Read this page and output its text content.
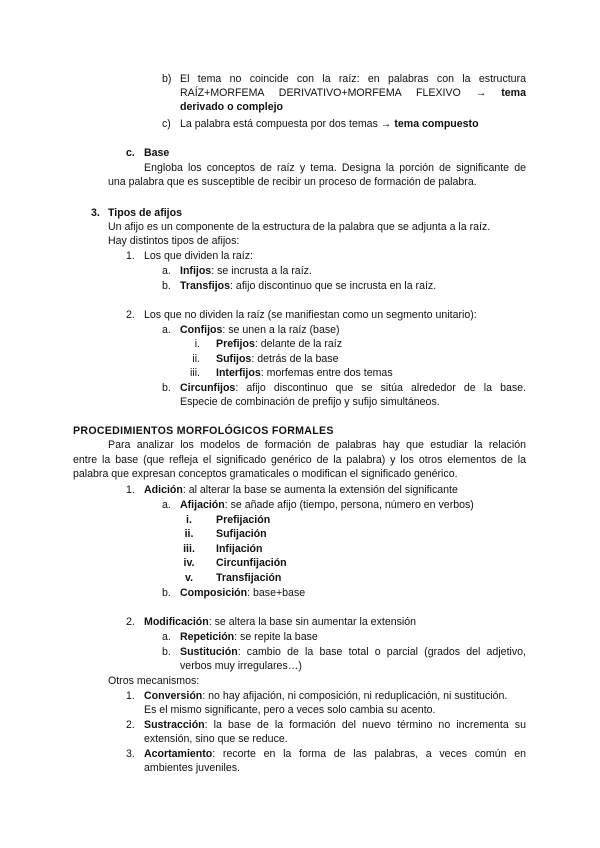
b) El tema no coincide con la raíz: en palabras con la estructura
RAÍZ+MORFEMA DERIVATIVO+MORFEMA FLEXIVO → tema
derivado o complejo
c) La palabra está compuesta por dos temas → tema compuesto
c. Base
Engloba los conceptos de raíz y tema. Designa la porción de significante de
una palabra que es susceptible de recibir un proceso de formación de palabra.
3. Tipos de afijos
Un afijo es un componente de la estructura de la palabra que se adjunta a la raíz.
Hay distintos tipos de afijos:
1. Los que dividen la raíz:
a. Infijos: se incrusta a la raíz.
b. Transfijos: afijo discontinuo que se incrusta en la raíz.
2. Los que no dividen la raíz (se manifiestan como un segmento unitario):
a. Confijos: se unen a la raíz (base)
i. Prefijos: delante de la raíz
ii. Sufijos: detrás de la base
iii. Interfijos: morfemas entre dos temas
b. Circunfijos: afijo discontinuo que se sitúa alrededor de la base.
Especie de combinación de prefijo y sufijo simultáneos.
PROCEDIMIENTOS MORFOLÓGICOS FORMALES
Para analizar los modelos de formación de palabras hay que estudiar la relación
entre la base (que refleja el significado genérico de la palabra) y los otros elementos de la
palabra que expresan conceptos gramaticales o modifican el significado genérico.
1. Adición: al alterar la base se aumenta la extensión del significante
a. Afijación: se añade afijo (tiempo, persona, número en verbos)
i.	Prefijación
ii.	Sufijación
iii.	Infijación
iv.	Circunfijación
v.	Transfijación
b. Composición: base+base
2. Modificación: se altera la base sin aumentar la extensión
a. Repetición: se repite la base
b. Sustitución: cambio de la base total o parcial (grados del adjetivo,
verbos muy irregulares…)
Otros mecanismos:
1. Conversión: no hay afijación, ni composición, ni reduplicación, ni sustitución.
Es el mismo significante, pero a veces solo cambia su acento.
2. Sustracción: la base de la formación del nuevo término no incrementa su
extensión, sino que se reduce.
3. Acortamiento: recorte en la forma de las palabras, a veces común en
ambientes juveniles.
